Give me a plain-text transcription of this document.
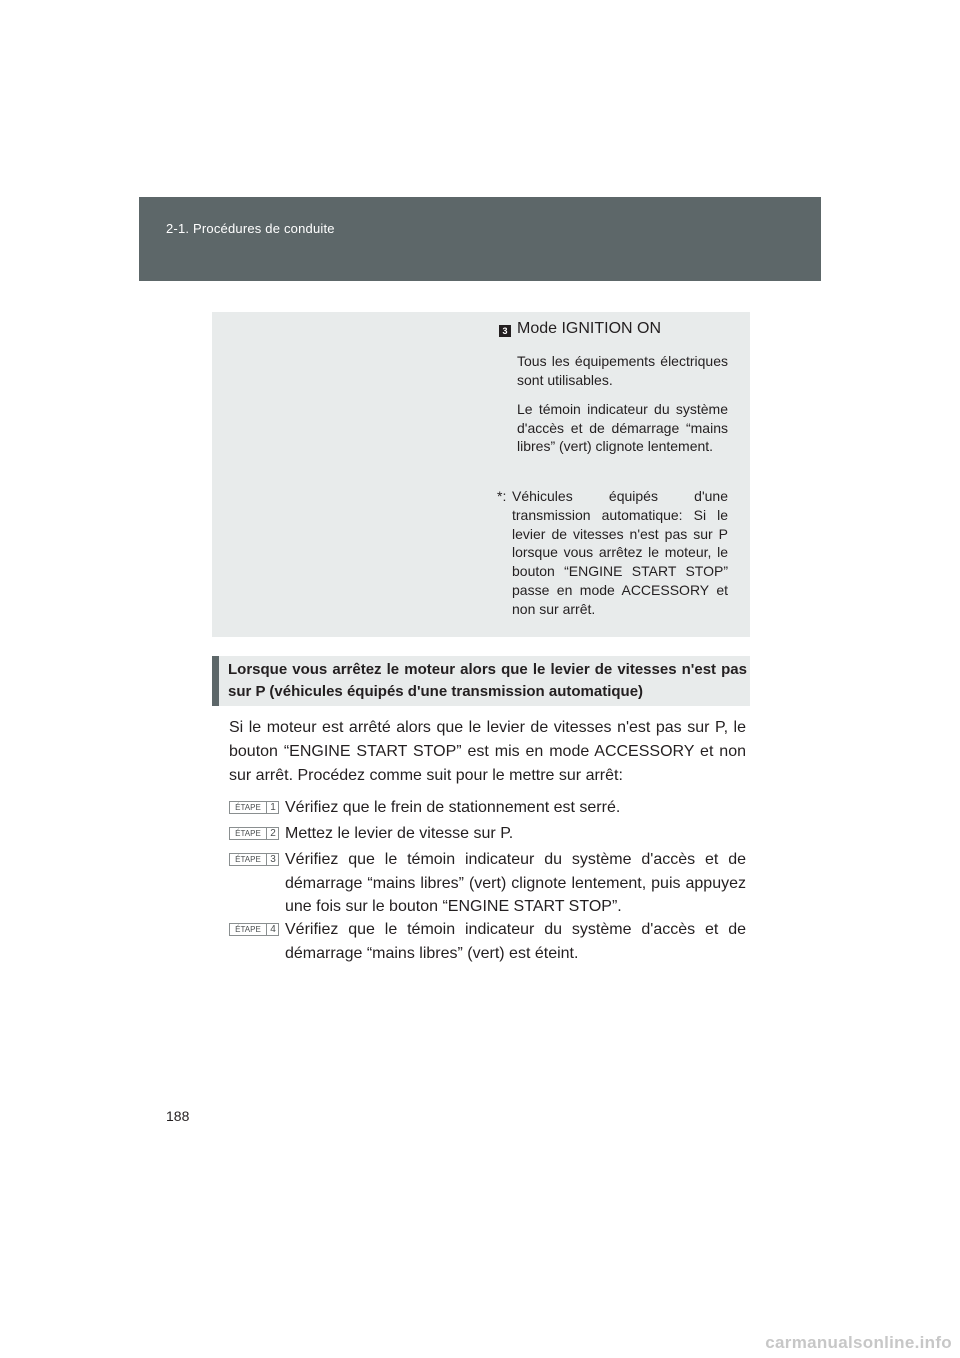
2-1. Procédures de conduite
3 Mode IGNITION ON
Tous les équipements électriques sont utilisables.
Le témoin indicateur du système d'accès et de démarrage “mains libres” (vert) clignote lentement.
*: Véhicules équipés d'une transmission automatique: Si le levier de vitesses n'est pas sur P lorsque vous arrêtez le moteur, le bouton “ENGINE START STOP” passe en mode ACCESSORY et non sur arrêt.
Lorsque vous arrêtez le moteur alors que le levier de vitesses n'est pas sur P (véhicules équipés d'une transmission automatique)
Si le moteur est arrêté alors que le levier de vitesses n'est pas sur P, le bouton “ENGINE START STOP” est mis en mode ACCESSORY et non sur arrêt. Procédez comme suit pour le mettre sur arrêt:
ÉTAPE 1 Vérifiez que le frein de stationnement est serré.
ÉTAPE 2 Mettez le levier de vitesse sur P.
ÉTAPE 3 Vérifiez que le témoin indicateur du système d'accès et de démarrage “mains libres” (vert) clignote lentement, puis appuyez une fois sur le bouton “ENGINE START STOP”.
ÉTAPE 4 Vérifiez que le témoin indicateur du système d'accès et de démarrage “mains libres” (vert) est éteint.
188
carmanualsonline.info
